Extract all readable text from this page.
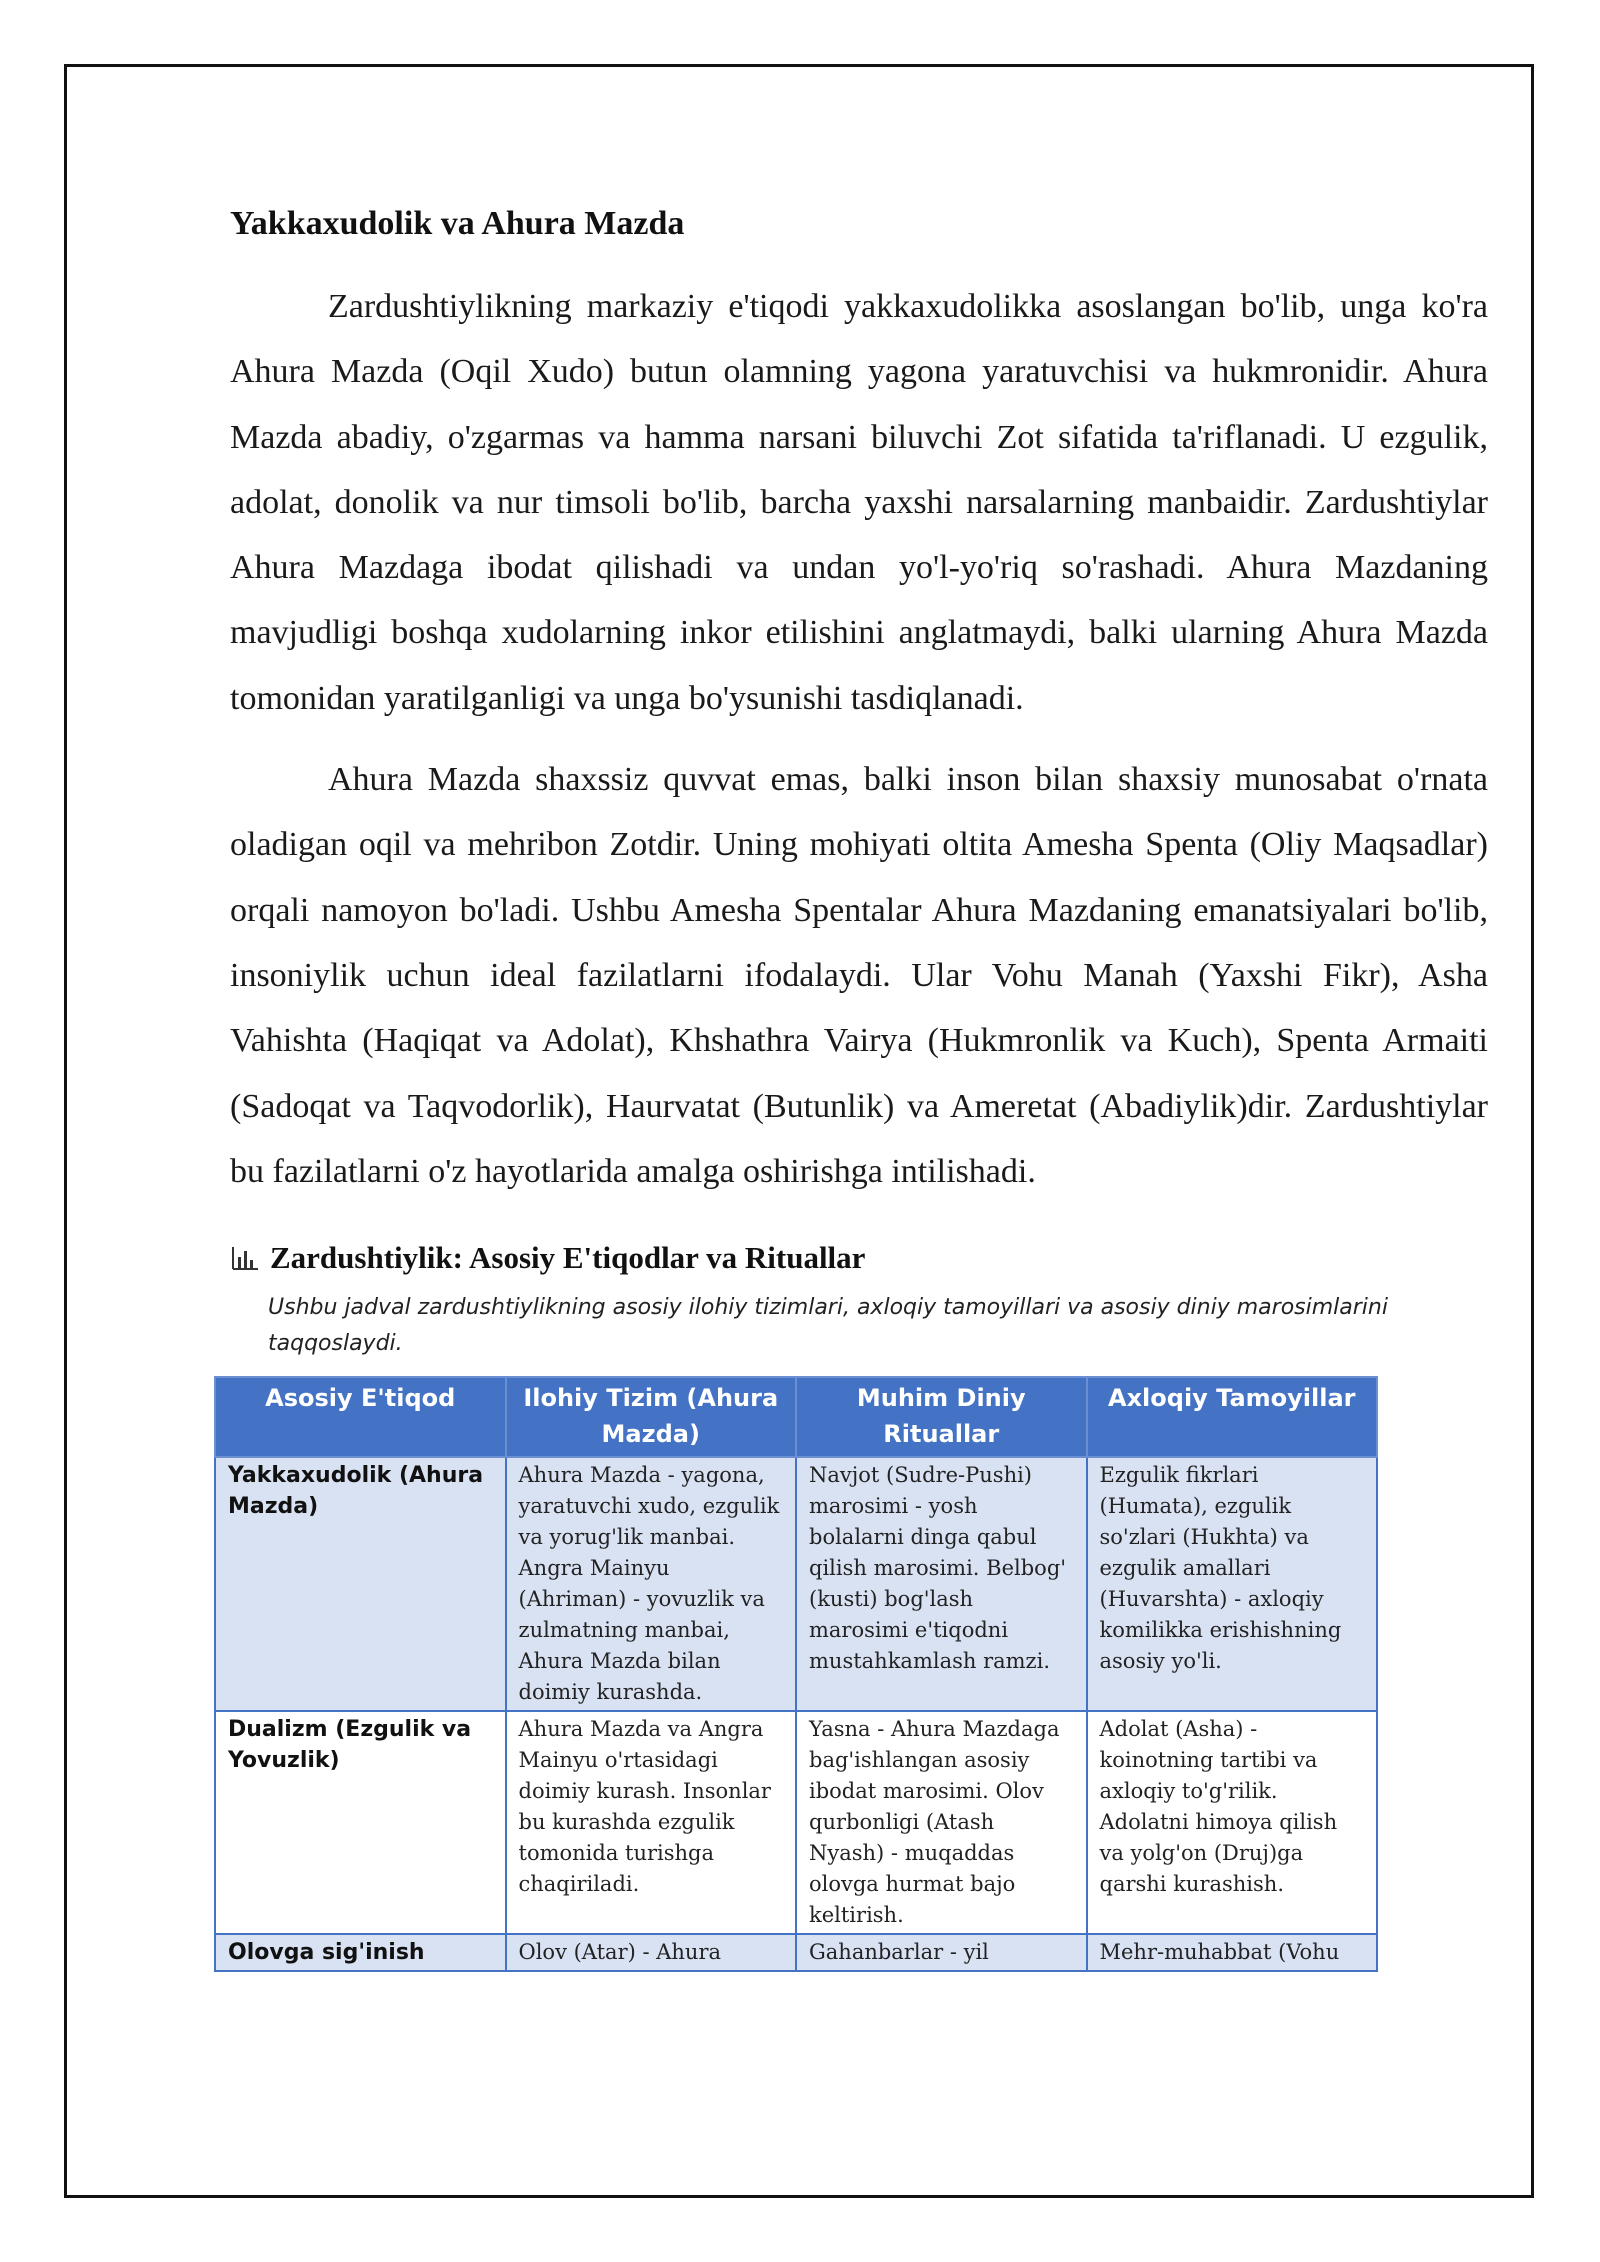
Yakkaxudolik va Ahura Mazda

Zardushtiylikning markaziy e'tiqodi yakkaxudolikka asoslangan bo'lib, unga ko'ra Ahura Mazda (Oqil Xudo) butun olamning yagona yaratuvchisi va hukmronidir. Ahura Mazda abadiy, o'zgarmas va hamma narsani biluvchi Zot sifatida ta'riflanadi. U ezgulik, adolat, donolik va nur timsoli bo'lib, barcha yaxshi narsalarning manbaidir. Zardushtiylar Ahura Mazdaga ibodat qilishadi va undan yo'l-yo'riq so'rashadi. Ahura Mazdaning mavjudligi boshqa xudolarning inkor etilishini anglatmaydi, balki ularning Ahura Mazda tomonidan yaratilganligi va unga bo'ysunishi tasdiqlanadi.

Ahura Mazda shaxssiz quvvat emas, balki inson bilan shaxsiy munosabat o'rnata oladigan oqil va mehribon Zotdir. Uning mohiyati oltita Amesha Spenta (Oliy Maqsadlar) orqali namoyon bo'ladi. Ushbu Amesha Spentalar Ahura Mazdaning emanatsiyalari bo'lib, insoniylik uchun ideal fazilatlarni ifodalaydi. Ular Vohu Manah (Yaxshi Fikr), Asha Vahishta (Haqiqat va Adolat), Khshathra Vairya (Hukmronlik va Kuch), Spenta Armaiti (Sadoqat va Taqvodorlik), Haurvatat (Butunlik) va Ameretat (Abadiylik)dir. Zardushtiylar bu fazilatlarni o'z hayotlarida amalga oshirishga intilishadi.

Zardushtiylik: Asosiy E'tiqodlar va Rituallar
Ushbu jadval zardushtiylikning asosiy ilohiy tizimlari, axloqiy tamoyillari va asosiy diniy marosimlarini taqqoslaydi.
Asosiy E'tiqod	Ilohiy Tizim (Ahura Mazda)	Muhim Diniy Rituallar	Axloqiy Tamoyillar
Yakkaxudolik (Ahura Mazda)	Ahura Mazda - yagona, yaratuvchi xudo, ezgulik va yorug'lik manbai. Angra Mainyu (Ahriman) - yovuzlik va zulmatning manbai, Ahura Mazda bilan doimiy kurashda.	Navjot (Sudre-Pushi) marosimi - yosh bolalarni dinga qabul qilish marosimi. Belbog' (kusti) bog'lash marosimi e'tiqodni mustahkamlash ramzi.	Ezgulik fikrlari (Humata), ezgulik so'zlari (Hukhta) va ezgulik amallari (Huvarshta) - axloqiy komilikka erishishning asosiy yo'li.
Dualizm (Ezgulik va Yovuzlik)	Ahura Mazda va Angra Mainyu o'rtasidagi doimiy kurash. Insonlar bu kurashda ezgulik tomonida turishga chaqiriladi.	Yasna - Ahura Mazdaga bag'ishlangan asosiy ibodat marosimi. Olov qurbonligi (Atash Nyash) - muqaddas olovga hurmat bajo keltirish.	Adolat (Asha) - koinotning tartibi va axloqiy to'g'rilik. Adolatni himoya qilish va yolg'on (Druj)ga qarshi kurashish.
Olovga sig'inish	Olov (Atar) - Ahura	Gahanbarlar - yil	Mehr-muhabbat (Vohu
